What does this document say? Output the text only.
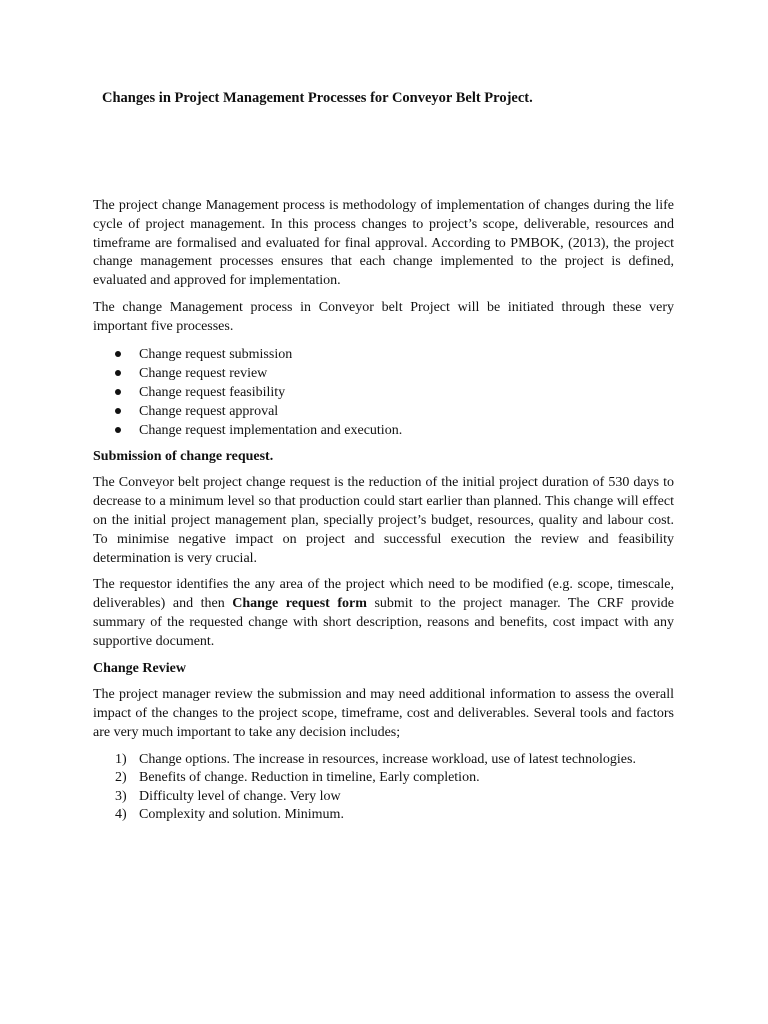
Changes in Project Management Processes for Conveyor Belt Project.

The project change Management process is methodology of implementation of changes during the life cycle of project management. In this process changes to project’s scope, deliverable, resources and timeframe are formalised and evaluated for final approval. According to PMBOK, (2013), the project change management processes ensures that each change implemented to the project is defined, evaluated and approved for implementation.

The change Management process in Conveyor belt Project will be initiated through these very important five processes.

Change request submission
Change request review
Change request feasibility
Change request approval
Change request implementation and execution.
Submission of change request.

The Conveyor belt project change request is the reduction of the initial project duration of 530 days to decrease to a minimum level so that production could start earlier than planned. This change will effect on the initial project management plan, specially project’s budget, resources, quality and labour cost. To minimise negative impact on project and successful execution the review and feasibility determination is very crucial.

The requestor identifies the any area of the project which need to be modified (e.g. scope, timescale, deliverables) and then Change request form submit to the project manager. The CRF provide summary of the requested change with short description, reasons and benefits, cost impact with any supportive document.

Change Review

The project manager review the submission and may need additional information to assess the overall impact of the changes to the project scope, timeframe, cost and deliverables. Several tools and factors are very much important to take any decision includes;

1) Change options. The increase in resources, increase workload, use of latest technologies.
2) Benefits of change. Reduction in timeline, Early completion.
3) Difficulty level of change. Very low
4) Complexity and solution. Minimum.
